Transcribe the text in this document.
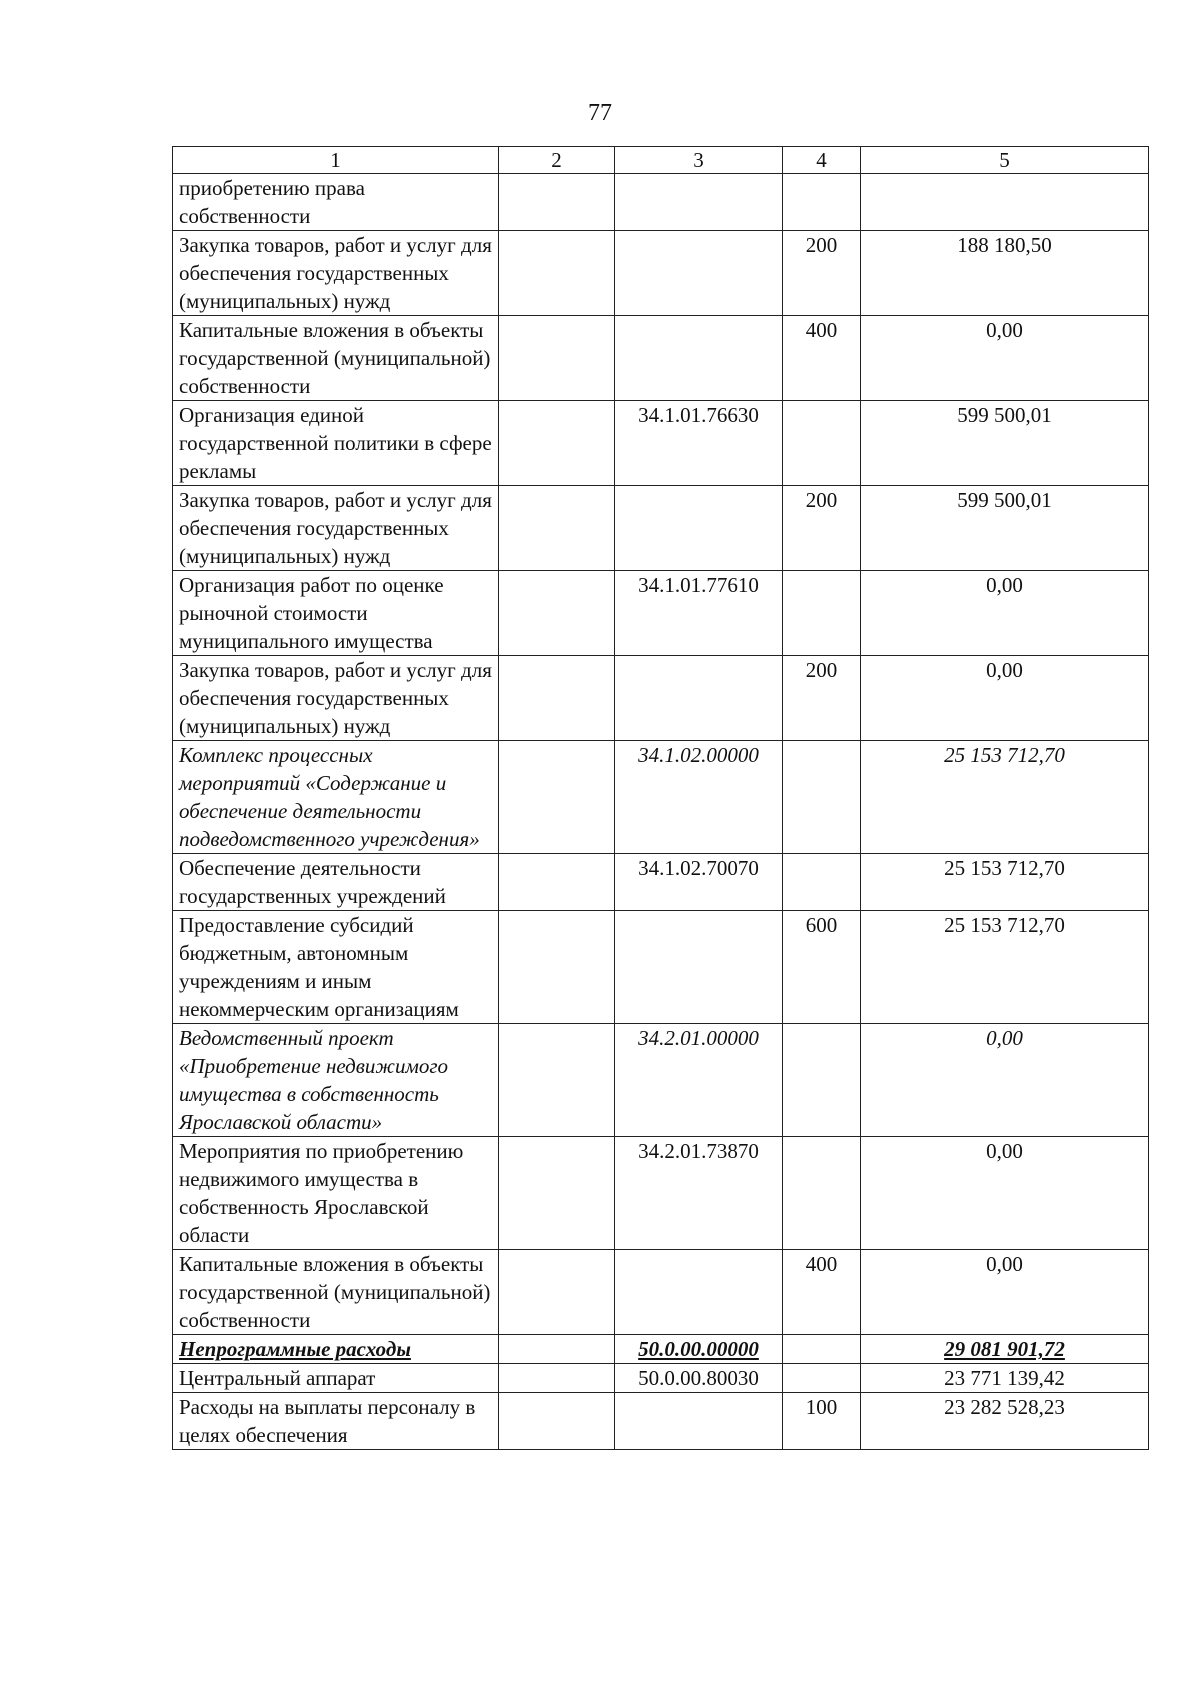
77
1	2	3	4	5
приобретению права собственности				
Закупка товаров, работ и услуг для обеспечения государственных (муниципальных) нужд			200	188 180,50
Капитальные вложения в объекты государственной (муниципальной) собственности			400	0,00
Организация единой государственной политики в сфере рекламы		34.1.01.76630		599 500,01
Закупка товаров, работ и услуг для обеспечения государственных (муниципальных) нужд			200	599 500,01
Организация работ по оценке рыночной стоимости муниципального имущества		34.1.01.77610		0,00
Закупка товаров, работ и услуг для обеспечения государственных (муниципальных) нужд			200	0,00
Комплекс процессных мероприятий «Содержание и обеспечение деятельности подведомственного учреждения»		34.1.02.00000		25 153 712,70
Обеспечение деятельности государственных учреждений		34.1.02.70070		25 153 712,70
Предоставление субсидий бюджетным, автономным учреждениям и иным некоммерческим организациям			600	25 153 712,70
Ведомственный проект «Приобретение недвижимого имущества в собственность Ярославской области»		34.2.01.00000		0,00
Мероприятия по приобретению недвижимого имущества в собственность Ярославской области		34.2.01.73870		0,00
Капитальные вложения в объекты государственной (муниципальной) собственности			400	0,00
Непрограммные расходы		50.0.00.00000		29 081 901,72
Центральный аппарат		50.0.00.80030		23 771 139,42
Расходы на выплаты персоналу в целях обеспечения			100	23 282 528,23
